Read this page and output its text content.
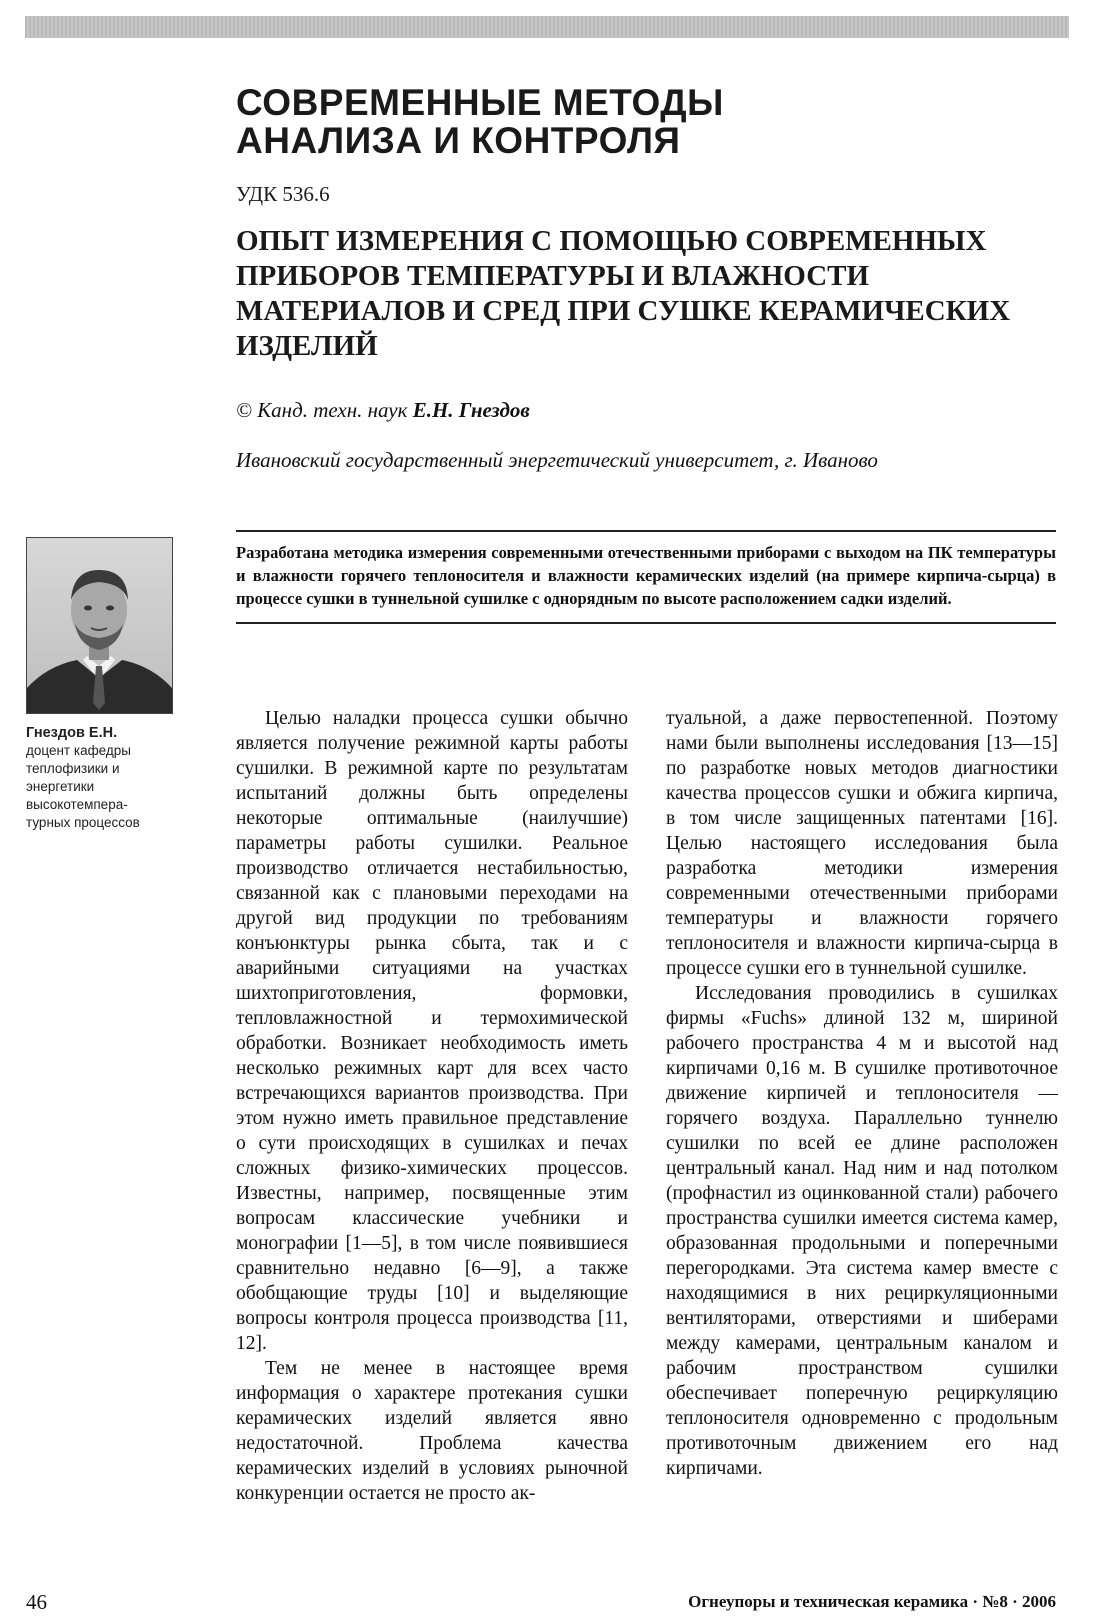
СОВРЕМЕННЫЕ МЕТОДЫ
АНАЛИЗА И КОНТРОЛЯ
УДК 536.6
ОПЫТ ИЗМЕРЕНИЯ С ПОМОЩЬЮ СОВРЕМЕННЫХ
ПРИБОРОВ ТЕМПЕРАТУРЫ И ВЛАЖНОСТИ
МАТЕРИАЛОВ И СРЕД ПРИ СУШКЕ КЕРАМИЧЕСКИХ
ИЗДЕЛИЙ
© Канд. техн. наук Е.Н. Гнездов
Ивановский государственный энергетический университет, г. Иваново
Гнездов Е.Н.
доцент кафедры
теплофизики и
энергетики
высокотемпера-
турных процессов
Разработана методика измерения современными отечественными приборами с выходом на ПК температуры и влажности горячего теплоносителя и влажности керамических изделий (на примере кирпича-сырца) в процессе сушки в туннельной сушилке с однорядным по высоте расположением садки изделий.

Целью наладки процесса сушки обычно является получение режимной карты работы сушилки. В режимной карте по результатам испытаний должны быть определены некоторые оптимальные (наилучшие) параметры работы сушилки. Реальное производство отличается нестабильностью, связанной как с плановыми переходами на другой вид продукции по требованиям конъюнктуры рынка сбыта, так и с аварийными ситуациями на участках шихтоприготовления, формовки, тепловлажностной и термохимической обработки. Возникает необходимость иметь несколько режимных карт для всех часто встречающихся вариантов производства. При этом нужно иметь правильное представление о сути происходящих в сушилках и печах сложных физико-химических процессов. Известны, например, посвященные этим вопросам классические учебники и монографии [1—5], в том числе появившиеся сравнительно недавно [6—9], а также обобщающие труды [10] и выделяющие вопросы контроля процесса производства [11, 12].

Тем не менее в настоящее время информация о характере протекания сушки керамических изделий является явно недостаточной. Проблема качества керамических изделий в условиях рыночной конкуренции остается не просто ак-

туальной, а даже первостепенной. Поэтому нами были выполнены исследования [13—15] по разработке новых методов диагностики качества процессов сушки и обжига кирпича, в том числе защищенных патентами [16]. Целью настоящего исследования была разработка методики измерения современными отечественными приборами температуры и влажности горячего теплоносителя и влажности кирпича-сырца в процессе сушки его в туннельной сушилке.

Исследования проводились в сушилках фирмы «Fuchs» длиной 132 м, шириной рабочего пространства 4 м и высотой над кирпичами 0,16 м. В сушилке противоточное движение кирпичей и теплоносителя — горячего воздуха. Параллельно туннелю сушилки по всей ее длине расположен центральный канал. Над ним и над потолком (профнастил из оцинкованной стали) рабочего пространства сушилки имеется система камер, образованная продольными и поперечными перегородками. Эта система камер вместе с находящимися в них рециркуляционными вентиляторами, отверстиями и шиберами между камерами, центральным каналом и рабочим пространством сушилки обеспечивает поперечную рециркуляцию теплоносителя одновременно с продольным противоточным движением его над кирпичами.

46	Огнеупоры и техническая керамика · №8 · 2006
